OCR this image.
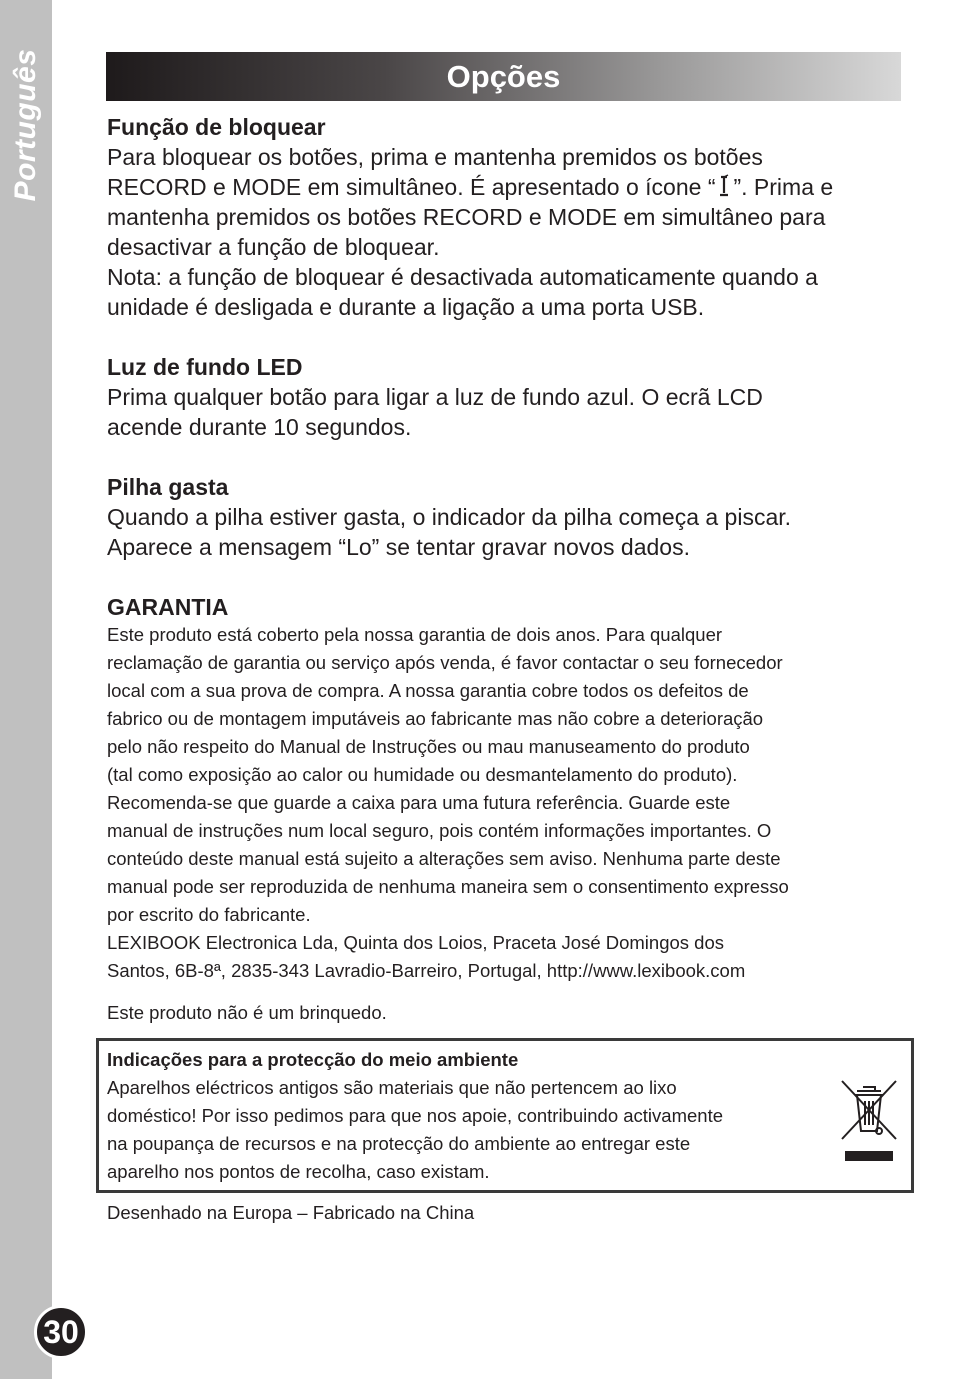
Português
30
Opções
Função de bloquear
Para bloquear os botões, prima e mantenha premidos os botões
RECORD e MODE em simultâneo. É apresentado o ícone “ ”. Prima e
mantenha premidos os botões RECORD e MODE em simultâneo para
desactivar a função de bloquear.
Nota: a função de bloquear é desactivada automaticamente quando a
unidade é desligada e durante a ligação a uma porta USB.
Luz de fundo LED
Prima qualquer botão para ligar a luz de fundo azul. O ecrã LCD
acende durante 10 segundos.
Pilha gasta
Quando a pilha estiver gasta, o indicador da pilha começa a piscar.
Aparece a mensagem “Lo” se tentar gravar novos dados.
GARANTIA
Este produto está coberto pela nossa garantia de dois anos. Para qualquer
reclamação de garantia ou serviço após venda, é favor contactar o seu fornecedor
local com a sua prova de compra. A nossa garantia cobre todos os defeitos de
fabrico ou de montagem imputáveis ao fabricante mas não cobre a deterioração
pelo não respeito do Manual de Instruções ou mau manuseamento do produto
(tal como exposição ao calor ou humidade ou desmantelamento do produto).
Recomenda-se que guarde a caixa para uma futura referência. Guarde este
manual de instruções num local seguro, pois contém informações importantes. O
conteúdo deste manual está sujeito a alterações sem aviso. Nenhuma parte deste
manual pode ser reproduzida de nenhuma maneira sem o consentimento expresso
por escrito do fabricante.
LEXIBOOK Electronica Lda, Quinta dos Loios, Praceta José Domingos dos
Santos, 6B-8ª, 2835-343 Lavradio-Barreiro, Portugal, http://www.lexibook.com
Este produto não é um brinquedo.
Indicações para a protecção do meio ambiente
Aparelhos eléctricos antigos são materiais que não pertencem ao lixo
doméstico! Por isso pedimos para que nos apoie, contribuindo activamente
na poupança de recursos e na protecção do ambiente ao entregar este
aparelho nos pontos de recolha, caso existam.
Desenhado na Europa – Fabricado na China
